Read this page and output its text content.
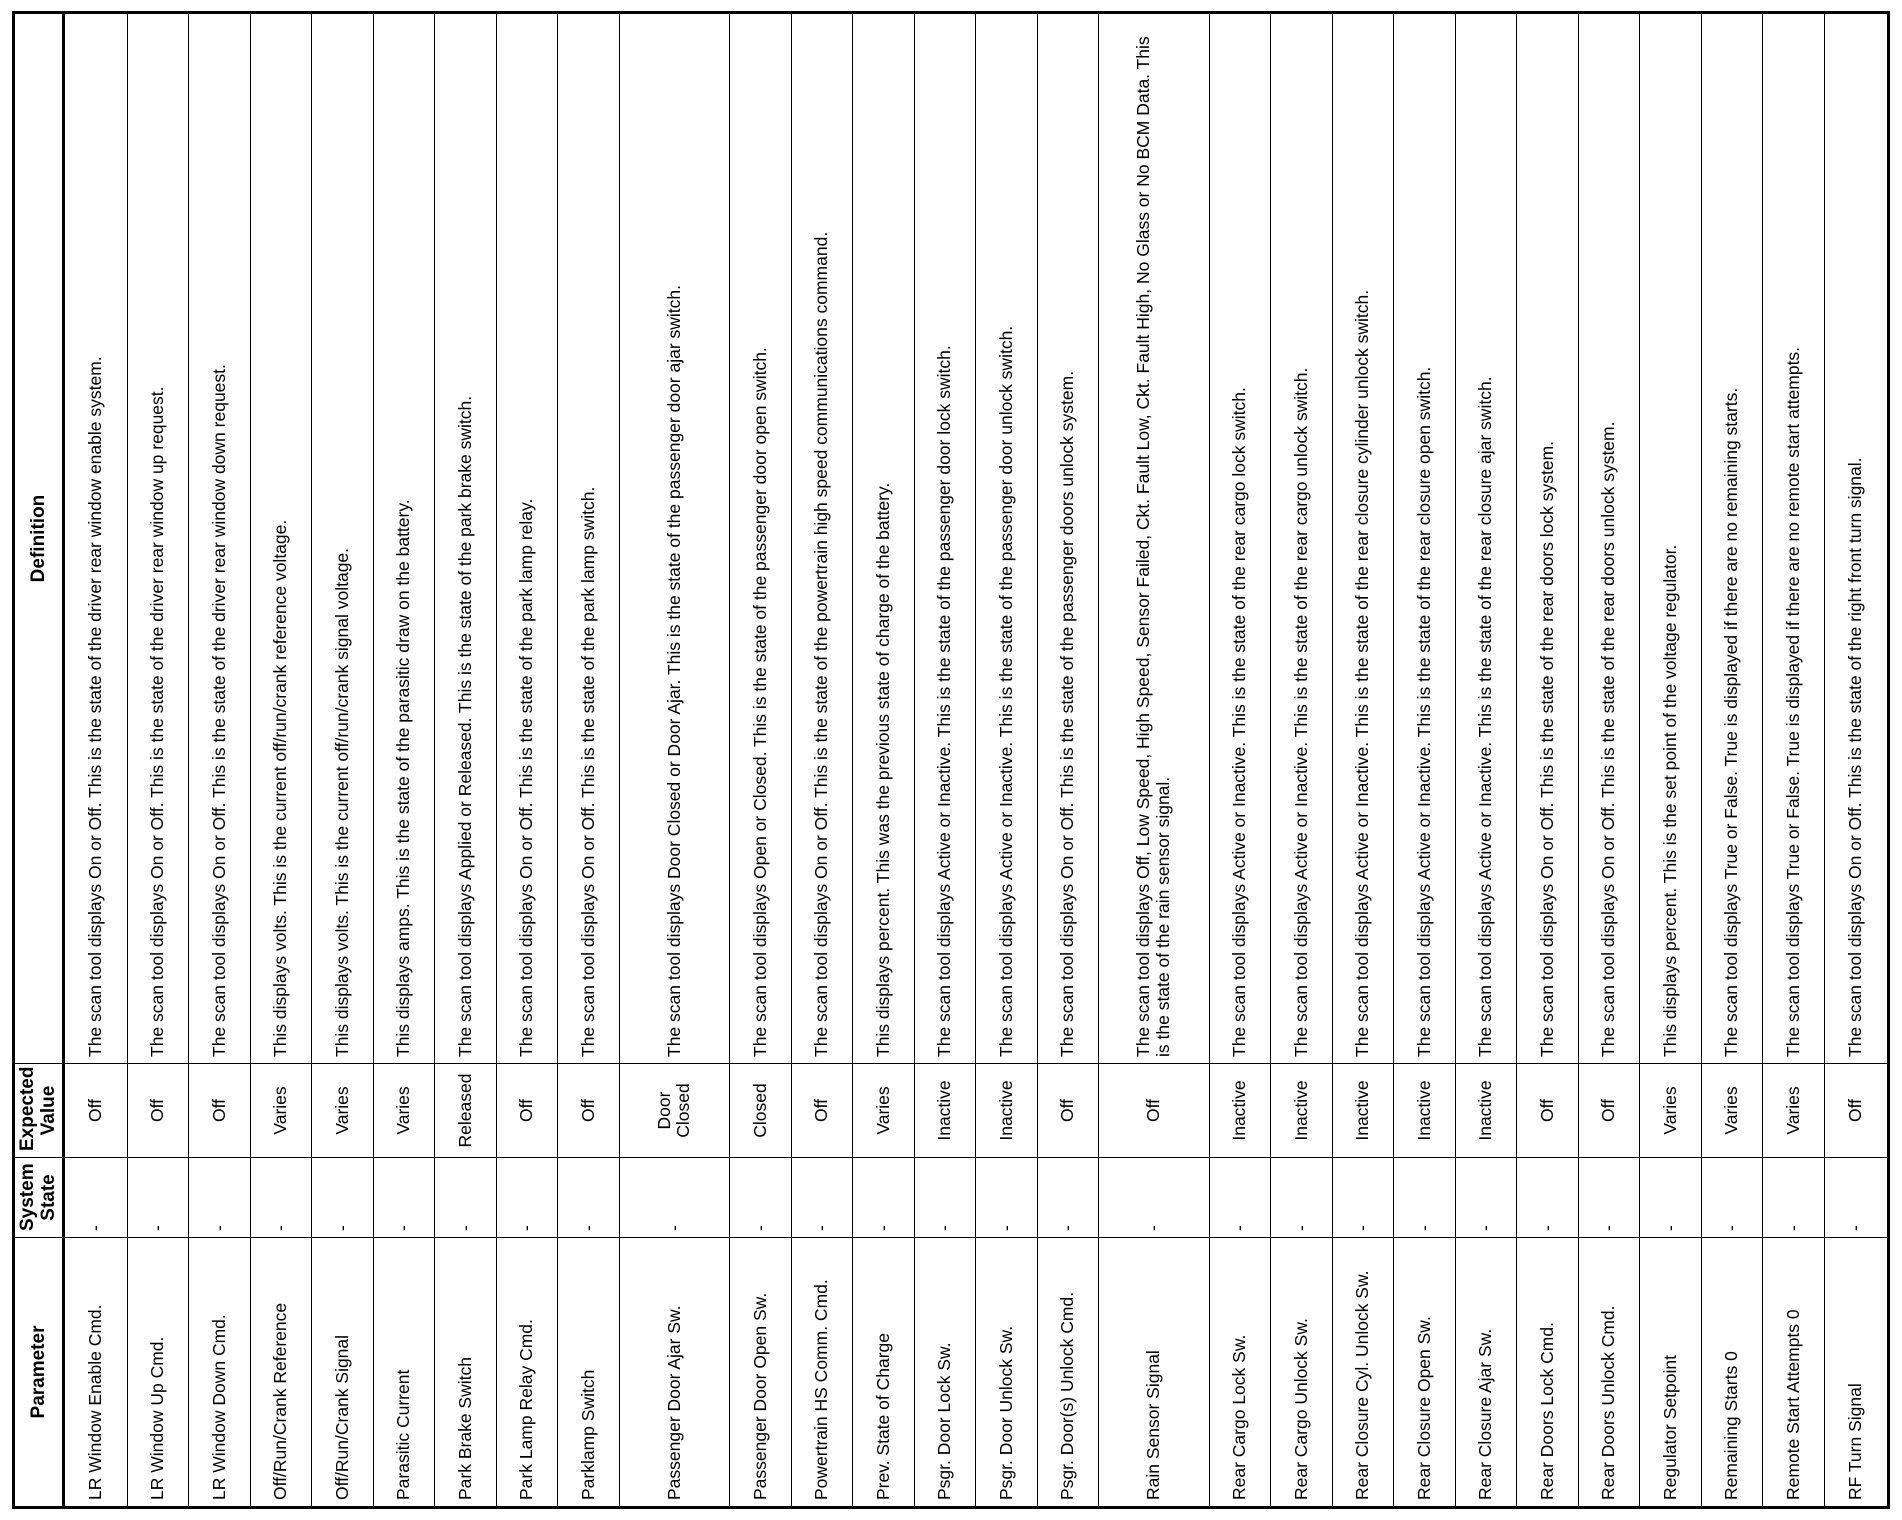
Parameter	System State	Expected Value	Definition
LR Window Enable Cmd.	-	Off	The scan tool displays On or Off. This is the state of the driver rear window enable system.
LR Window Up Cmd.	-	Off	The scan tool displays On or Off. This is the state of the driver rear window up request.
LR Window Down Cmd.	-	Off	The scan tool displays On or Off. This is the state of the driver rear window down request.
Off/Run/Crank Reference	-	Varies	This displays volts. This is the current off/run/crank reference voltage.
Off/Run/Crank Signal	-	Varies	This displays volts. This is the current off/run/crank signal voltage.
Parasitic Current	-	Varies	This displays amps. This is the state of the parasitic draw on the battery.
Park Brake Switch	-	Released	The scan tool displays Applied or Released. This is the state of the park brake switch.
Park Lamp Relay Cmd.	-	Off	The scan tool displays On or Off. This is the state of the park lamp relay.
Parklamp Switch	-	Off	The scan tool displays On or Off. This is the state of the park lamp switch.
Passenger Door Ajar Sw.	-	Door Closed	The scan tool displays Door Closed or Door Ajar. This is the state of the passenger door ajar switch.
Passenger Door Open Sw.	-	Closed	The scan tool displays Open or Closed. This is the state of the passenger door open switch.
Powertrain HS Comm. Cmd.	-	Off	The scan tool displays On or Off. This is the state of the powertrain high speed communications command.
Prev. State of Charge	-	Varies	This displays percent. This was the previous state of charge of the battery.
Psgr. Door Lock Sw.	-	Inactive	The scan tool displays Active or Inactive. This is the state of the passenger door lock switch.
Psgr. Door Unlock Sw.	-	Inactive	The scan tool displays Active or Inactive. This is the state of the passenger door unlock switch.
Psgr. Door(s) Unlock Cmd.	-	Off	The scan tool displays On or Off. This is the state of the passenger doors unlock system.
Rain Sensor Signal	-	Off	The scan tool displays Off, Low Speed, High Speed, Sensor Failed, Ckt. Fault Low, Ckt. Fault High, No Glass or No BCM Data. This is the state of the rain sensor signal.
Rear Cargo Lock Sw.	-	Inactive	The scan tool displays Active or Inactive. This is the state of the rear cargo lock switch.
Rear Cargo Unlock Sw.	-	Inactive	The scan tool displays Active or Inactive. This is the state of the rear cargo unlock switch.
Rear Closure Cyl. Unlock Sw.	-	Inactive	The scan tool displays Active or Inactive. This is the state of the rear closure cylinder unlock switch.
Rear Closure Open Sw.	-	Inactive	The scan tool displays Active or Inactive. This is the state of the rear closure open switch.
Rear Closure Ajar Sw.	-	Inactive	The scan tool displays Active or Inactive. This is the state of the rear closure ajar switch.
Rear Doors Lock Cmd.	-	Off	The scan tool displays On or Off. This is the state of the rear doors lock system.
Rear Doors Unlock Cmd.	-	Off	The scan tool displays On or Off. This is the state of the rear doors unlock system.
Regulator Setpoint	-	Varies	This displays percent. This is the set point of the voltage regulator.
Remaining Starts 0	-	Varies	The scan tool displays True or False. True is displayed if there are no remaining starts.
Remote Start Attempts 0	-	Varies	The scan tool displays True or False. True is displayed if there are no remote start attempts.
RF Turn Signal	-	Off	The scan tool displays On or Off. This is the state of the right front turn signal.
